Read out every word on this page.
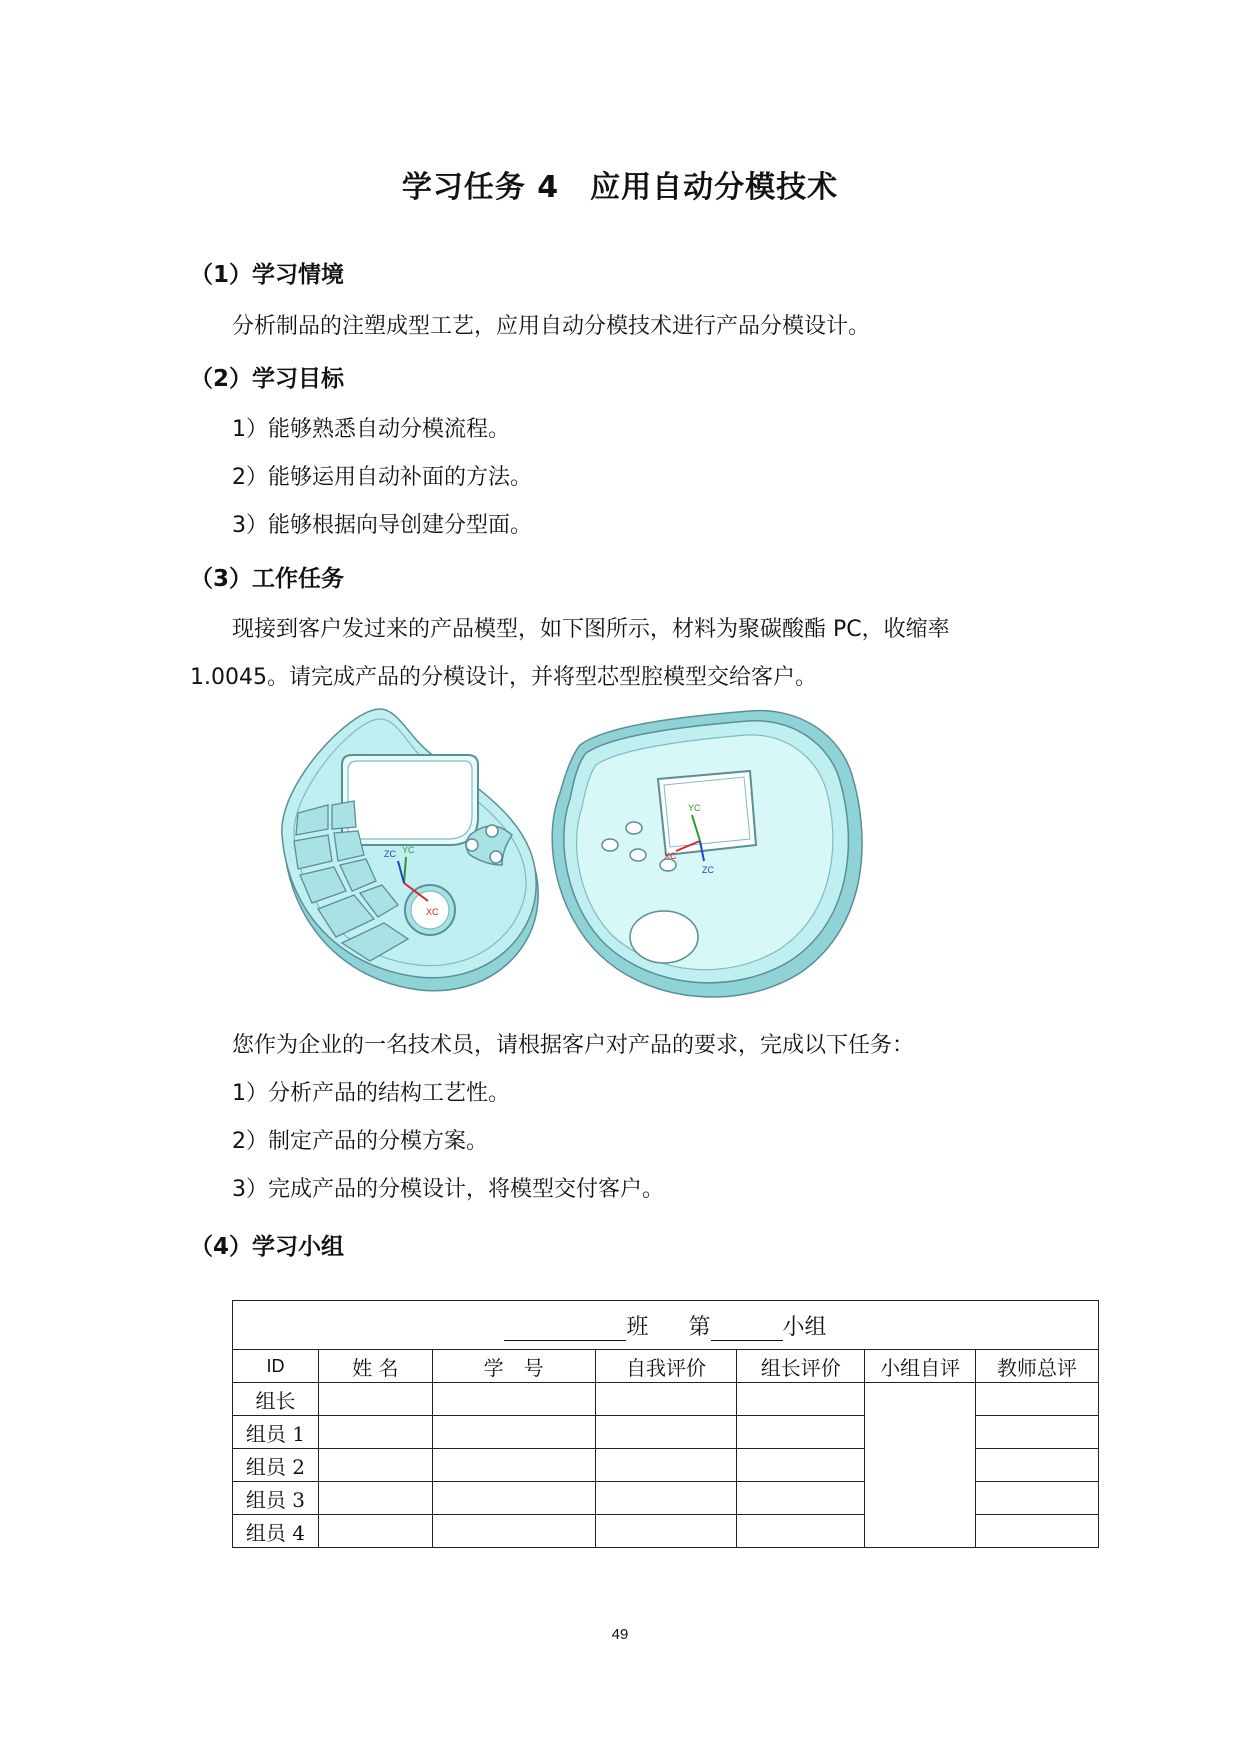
学习任务 4　应用自动分模技术
（1）学习情境
分析制品的注塑成型工艺，应用自动分模技术进行产品分模设计。
（2）学习目标
1）能够熟悉自动分模流程。
2）能够运用自动补面的方法。
3）能够根据向导创建分型面。
（3）工作任务
现接到客户发过来的产品模型，如下图所示，材料为聚碳酸酯 PC，收缩率
1.0045。请完成产品的分模设计，并将型芯型腔模型交给客户。
XC
YC
ZC	XC
YC
ZC
您作为企业的一名技术员，请根据客户对产品的要求，完成以下任务：
1）分析产品的结构工艺性。
2）制定产品的分模方案。
3）完成产品的分模设计，将模型交付客户。
（4）学习小组
班 第 小组						
ID	姓 名	学　号	自我评价	组长评价	小组自评	教师总评
组长						
组员 1						
组员 2						
组员 3						
组员 4						
49
